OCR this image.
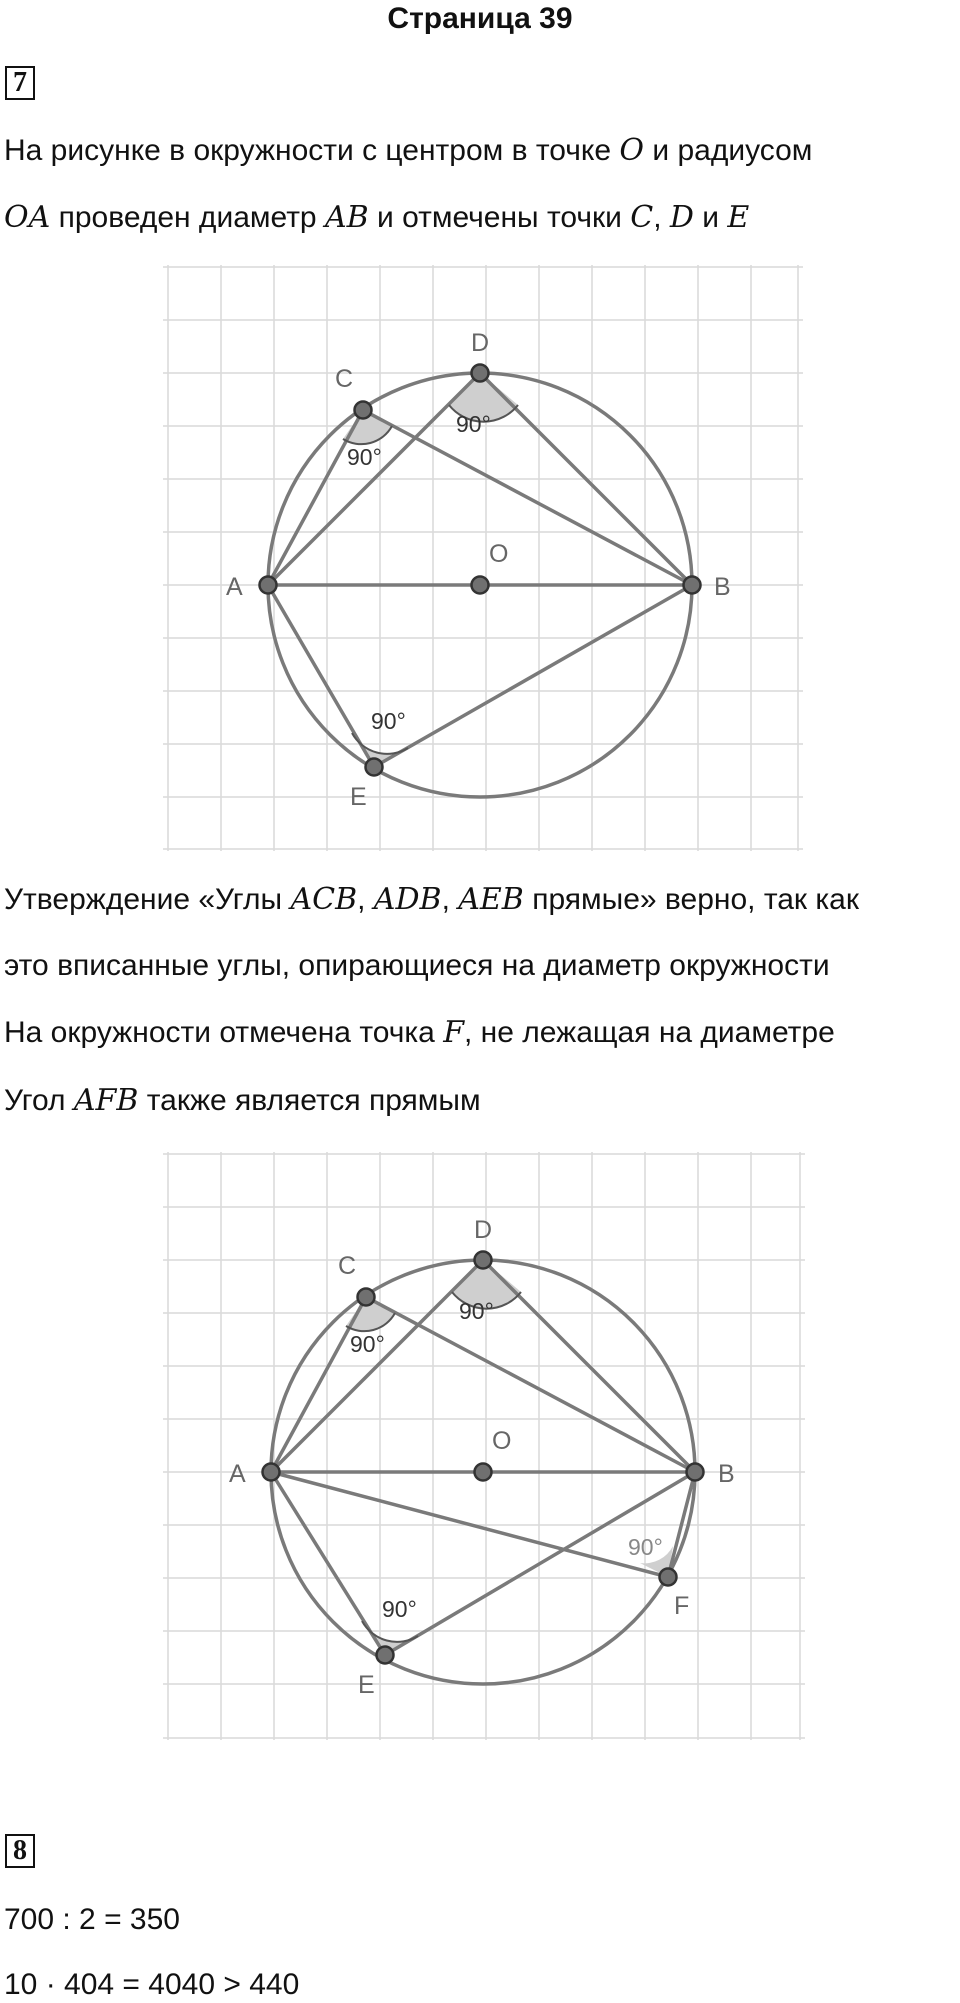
Страница 39
7
На рисунке в окружности с центром в точке O и радиусом
OA проведен диаметр AB и отмечены точки C, D и E
A	B
C
D
E
O
90°
90°
90°
Утверждение «Углы ACB, ADB, AEB прямые» верно, так как
это вписанные углы, опирающиеся на диаметр окружности
На окружности отмечена точка F, не лежащая на диаметре
Угол AFB также является прямым
A	B
C
D
F
E
O
90°
90°
90°
90°
8
700 : 2 = 350
10 · 404 = 4040 > 440
